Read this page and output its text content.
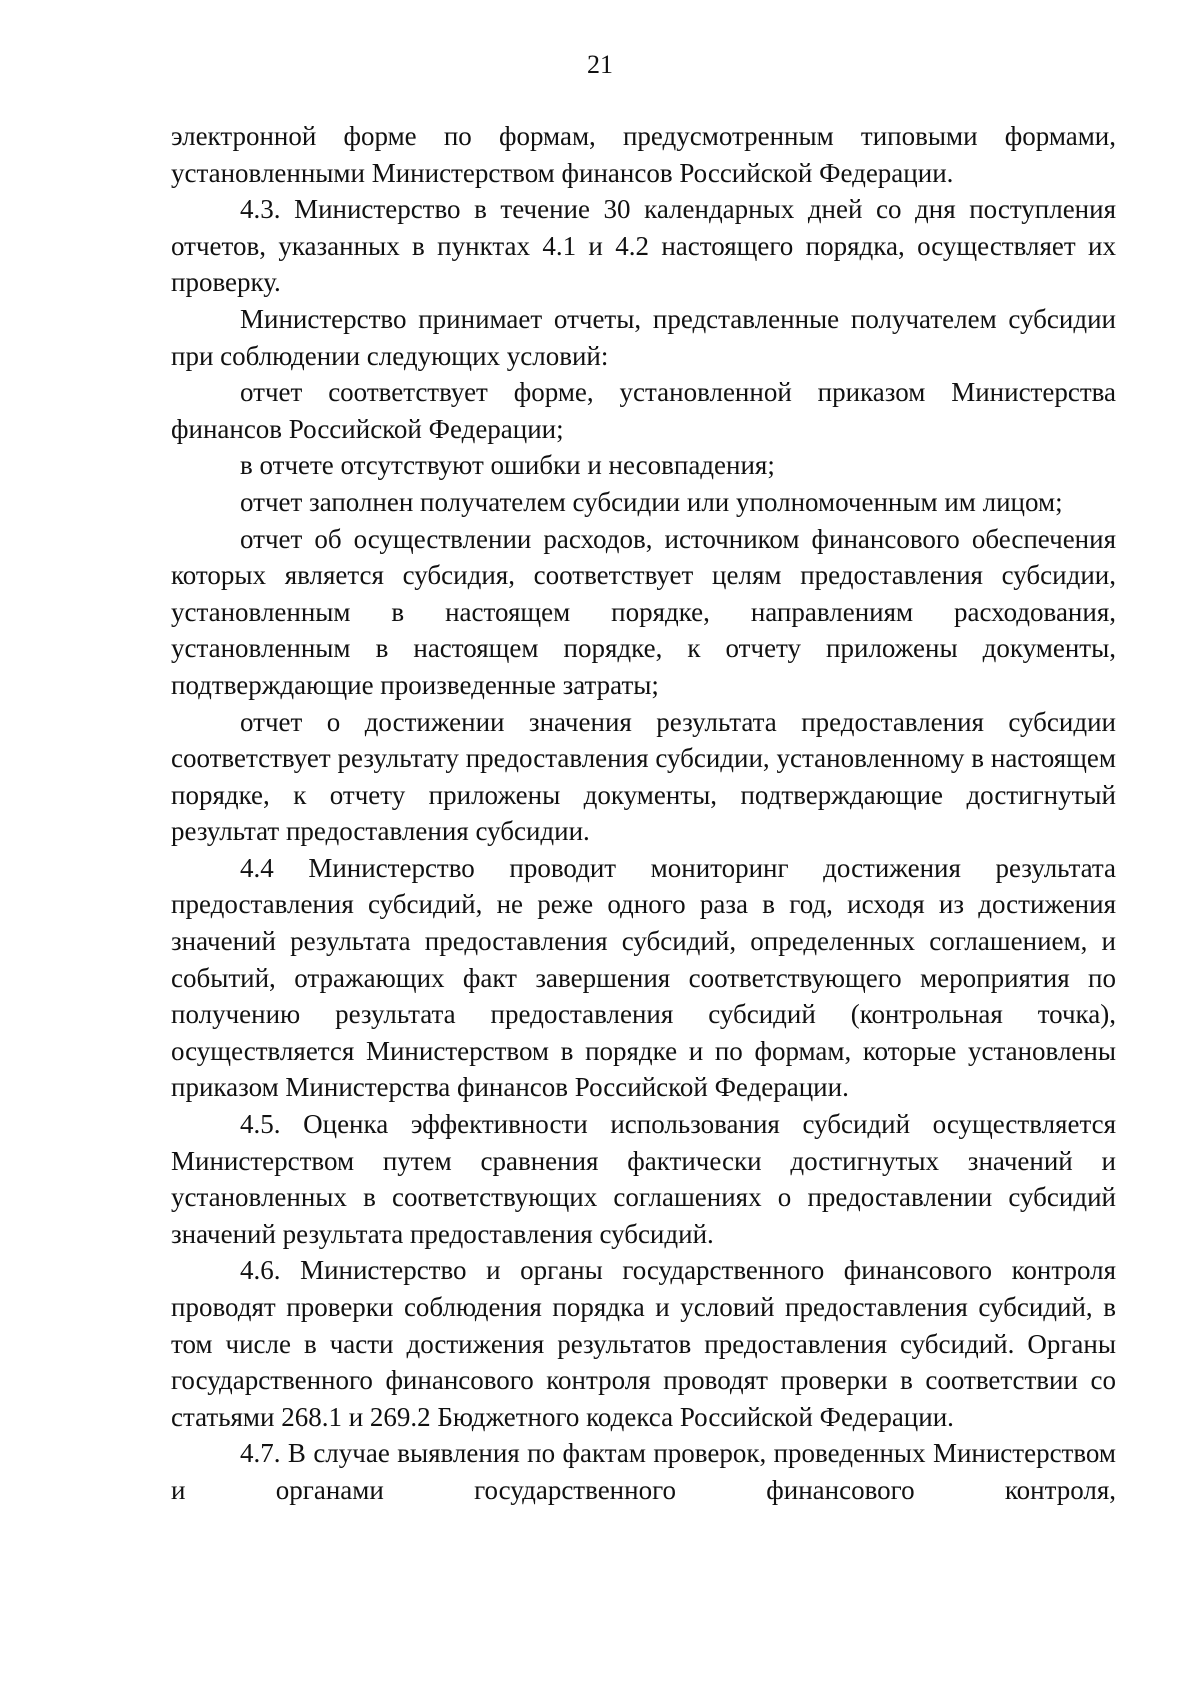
21

электронной форме по формам, предусмотренным типовыми формами, установленными Министерством финансов Российской Федерации.

4.3. Министерство в течение 30 календарных дней со дня поступления отчетов, указанных в пунктах 4.1 и 4.2 настоящего порядка, осуществляет их проверку.

Министерство принимает отчеты, представленные получателем субсидии при соблюдении следующих условий:

отчет соответствует форме, установленной приказом Министерства финансов Российской Федерации;

в отчете отсутствуют ошибки и несовпадения;

отчет заполнен получателем субсидии или уполномоченным им лицом;

отчет об осуществлении расходов, источником финансового обеспечения которых является субсидия, соответствует целям предоставления субсидии, установленным в настоящем порядке, направлениям расходования, установленным в настоящем порядке, к отчету приложены документы, подтверждающие произведенные затраты;

отчет о достижении значения результата предоставления субсидии соответствует результату предоставления субсидии, установленному в настоящем порядке, к отчету приложены документы, подтверждающие достигнутый результат предоставления субсидии.

4.4 Министерство проводит мониторинг достижения результата предоставления субсидий, не реже одного раза в год, исходя из достижения значений результата предоставления субсидий, определенных соглашением, и событий, отражающих факт завершения соответствующего мероприятия по получению результата предоставления субсидий (контрольная точка), осуществляется Министерством в порядке и по формам, которые установлены приказом Министерства финансов Российской Федерации.

4.5. Оценка эффективности использования субсидий осуществляется Министерством путем сравнения фактически достигнутых значений и установленных в соответствующих соглашениях о предоставлении субсидий значений результата предоставления субсидий.

4.6. Министерство и органы государственного финансового контроля проводят проверки соблюдения порядка и условий предоставления субсидий, в том числе в части достижения результатов предоставления субсидий. Органы государственного финансового контроля проводят проверки в соответствии со статьями 268.1 и 269.2 Бюджетного кодекса Российской Федерации.

4.7. В случае выявления по фактам проверок, проведенных Министерством и органами государственного финансового контроля,
